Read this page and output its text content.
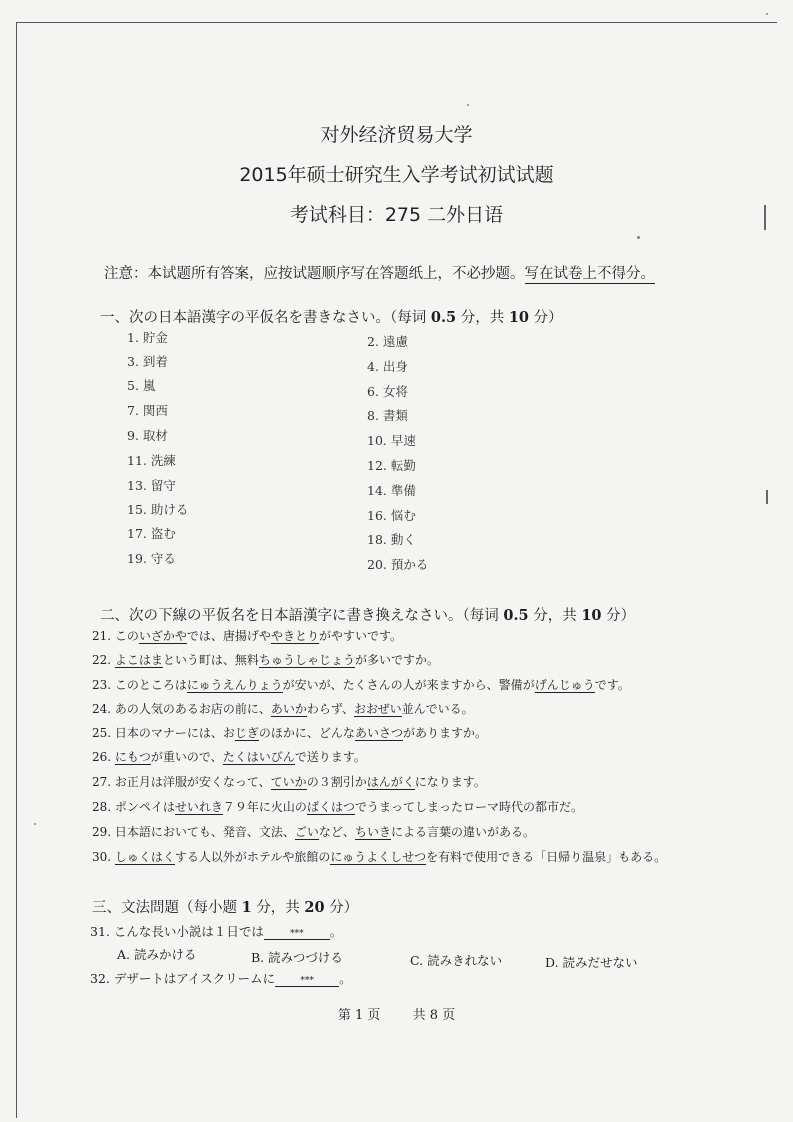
对外经济贸易大学
2015年硕士研究生入学考试初试试题
考试科目：275 二外日语
注意：本试题所有答案，应按试题顺序写在答题纸上，不必抄题。写在试卷上不得分。
一、次の日本語漢字の平仮名を書きなさい。（每词 0.5 分，共 10 分）
1. 貯金	2. 遠慮
3. 到着	4. 出身
5. 嵐	6. 女将
7. 関西	8. 書類
9. 取材	10. 早速
11. 洗練	12. 転勤
13. 留守	14. 準備
15. 助ける	16. 悩む
17. 盗む	18. 動く
19. 守る	20. 預かる
二、次の下線の平仮名を日本語漢字に書き換えなさい。（每词 0.5 分，共 10 分）
21. このいざかやでは、唐揚げややきとりがやすいです。
22. よこはまという町は、無料ちゅうしゃじょうが多いですか。
23. このところはにゅうえんりょうが安いが、たくさんの人が来ますから、警備がげんじゅうです。
24. あの人気のあるお店の前に、あいかわらず、おおぜい並んでいる。
25. 日本のマナーには、おじぎのほかに、どんなあいさつがありますか。
26. にもつが重いので、たくはいびんで送ります。
27. お正月は洋服が安くなって、ていかの３割引かはんがくになります。
28. ポンペイはせいれき７９年に火山のばくはつでうまってしまったローマ時代の都市だ。
29. 日本語においても、発音、文法、ごいなど、ちいきによる言葉の違いがある。
30. しゅくはくする人以外がホテルや旅館のにゅうよくしせつを有料で使用できる「日帰り温泉」もある。
三、文法問題（每小题 1 分，共 20 分）
31. こんな長い小説は１日では	*** 。
A. 読みかける	B. 読みつづける	C. 読みきれない	D. 読みだせない
32. デザートはアイスクリームに	*** 。
第 1 页 共 8 页
